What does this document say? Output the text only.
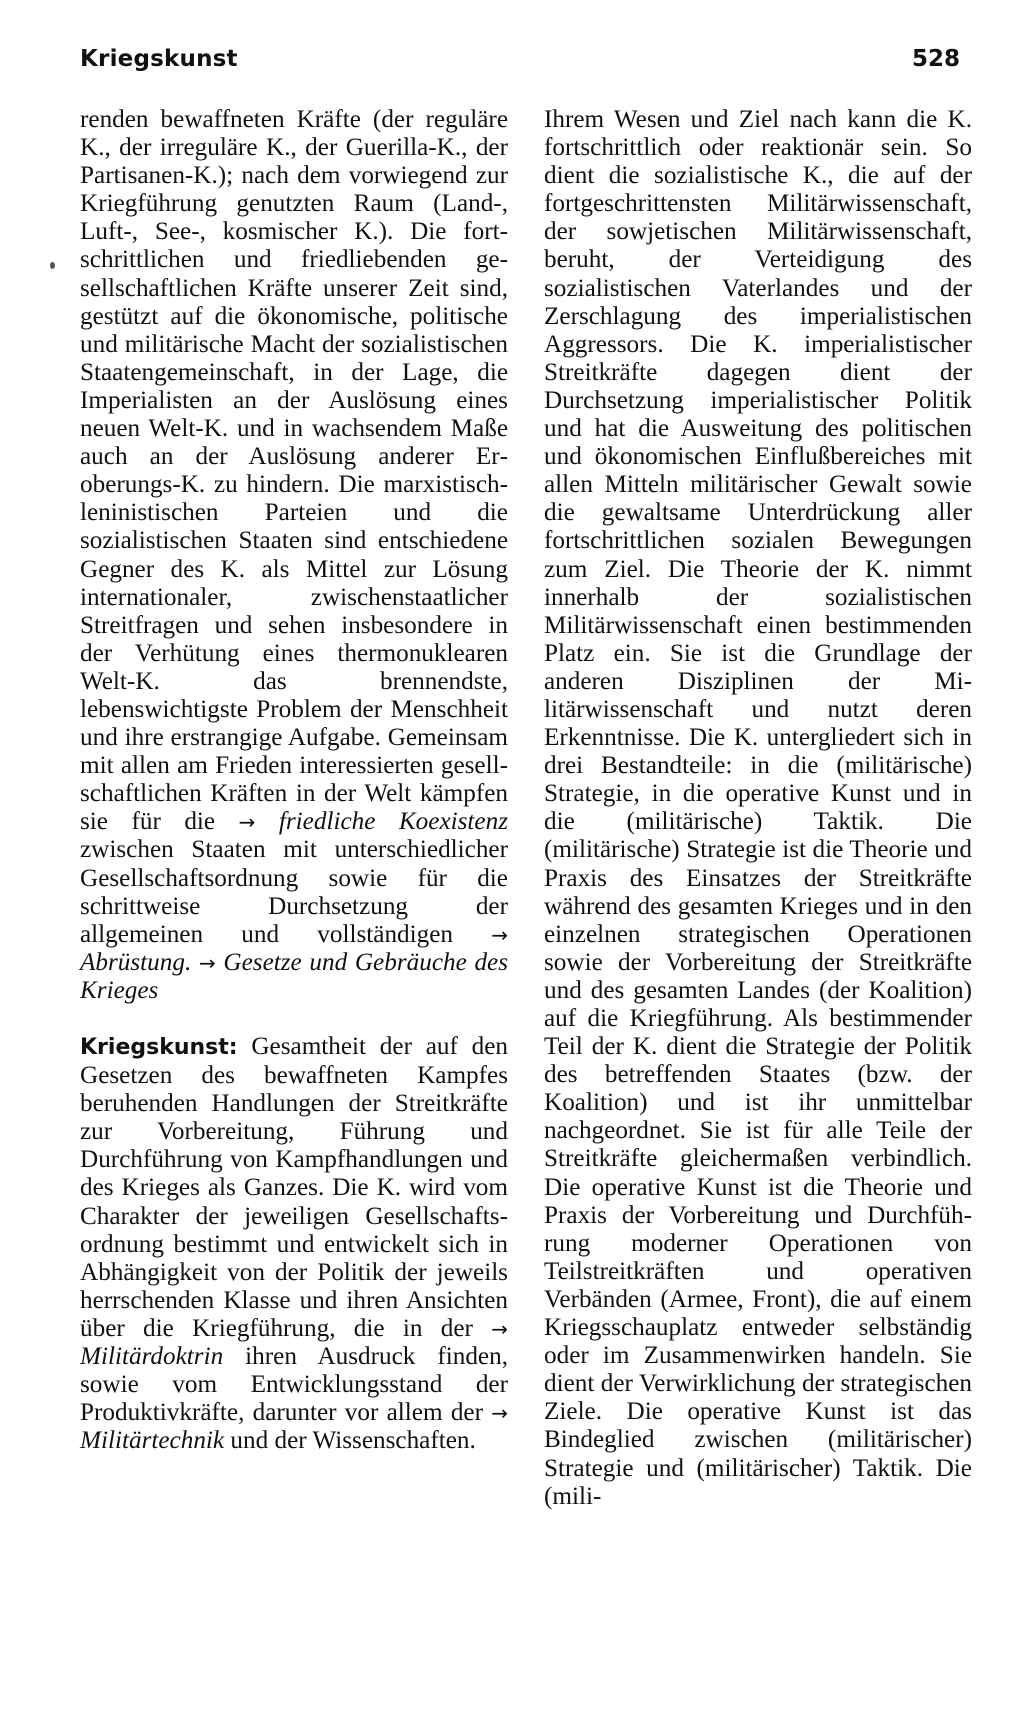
Kriegskunst	528

renden bewaffneten Kräfte (der reguläre K., der irreguläre K., der Guerilla-K., der Partisanen-K.); nach dem vorwiegend zur Kriegführung genutzten Raum (Land-, Luft-, See-, kosmischer K.). Die fortschrittlichen und friedliebenden gesellschaftlichen Kräfte unserer Zeit sind, gestützt auf die ökonomische, politische und militärische Macht der sozialistischen Staatengemeinschaft, in der Lage, die Imperialisten an der Auslösung eines neuen Welt-K. und in wachsendem Maße auch an der Auslösung anderer Eroberungs-K. zu hindern. Die marxistisch-leninistischen Parteien und die sozialistischen Staaten sind entschiedene Gegner des K. als Mittel zur Lösung internationaler, zwischenstaatlicher Streitfragen und sehen insbesondere in der Verhütung eines thermonuklearen Welt-K. das brennendste, lebenswichtigste Problem der Menschheit und ihre erstrangige Aufgabe. Gemeinsam mit allen am Frieden interessierten gesellschaftlichen Kräften in der Welt kämpfen sie für die → friedliche Koexistenz zwischen Staaten mit unterschiedlicher Gesellschaftsordnung sowie für die schrittweise Durchsetzung der allgemeinen und vollständigen → Abrüstung. → Gesetze und Gebräuche des Krieges

Kriegskunst: Gesamtheit der auf den Gesetzen des bewaffneten Kampfes beruhenden Handlungen der Streitkräfte zur Vorbereitung, Führung und Durchführung von Kampfhandlungen und des Krieges als Ganzes. Die K. wird vom Charakter der jeweiligen Gesellschaftsordnung bestimmt und entwickelt sich in Abhängigkeit von der Politik der jeweils herrschenden Klasse und ihren Ansichten über die Kriegführung, die in der → Militärdoktrin ihren Ausdruck finden, sowie vom Entwicklungsstand der Produktivkräfte, darunter vor allem der → Militärtechnik und der Wissenschaften.

Ihrem Wesen und Ziel nach kann die K. fortschrittlich oder reaktionär sein. So dient die sozialistische K., die auf der fortgeschrittensten Militärwissenschaft, der sowjetischen Militärwissenschaft, beruht, der Verteidigung des sozialistischen Vaterlandes und der Zerschlagung des imperialistischen Aggressors. Die K. imperialistischer Streitkräfte dagegen dient der Durchsetzung imperialistischer Politik und hat die Ausweitung des politischen und ökonomischen Einflußbereiches mit allen Mitteln militärischer Gewalt sowie die gewaltsame Unterdrückung aller fortschrittlichen sozialen Bewegungen zum Ziel. Die Theorie der K. nimmt innerhalb der sozialistischen Militärwissenschaft einen bestimmenden Platz ein. Sie ist die Grundlage der anderen Disziplinen der Militärwissenschaft und nutzt deren Erkenntnisse. Die K. untergliedert sich in drei Bestandteile: in die (militärische) Strategie, in die operative Kunst und in die (militärische) Taktik. Die (militärische) Strategie ist die Theorie und Praxis des Einsatzes der Streitkräfte während des gesamten Krieges und in den einzelnen strategischen Operationen sowie der Vorbereitung der Streitkräfte und des gesamten Landes (der Koalition) auf die Kriegführung. Als bestimmender Teil der K. dient die Strategie der Politik des betreffenden Staates (bzw. der Koalition) und ist ihr unmittelbar nachgeordnet. Sie ist für alle Teile der Streitkräfte gleichermaßen verbindlich. Die operative Kunst ist die Theorie und Praxis der Vorbereitung und Durchführung moderner Operationen von Teilstreitkräften und operativen Verbänden (Armee, Front), die auf einem Kriegsschauplatz entweder selbständig oder im Zusammenwirken handeln. Sie dient der Verwirklichung der strategischen Ziele. Die operative Kunst ist das Bindeglied zwischen (militärischer) Strategie und (militärischer) Taktik. Die (mili-
